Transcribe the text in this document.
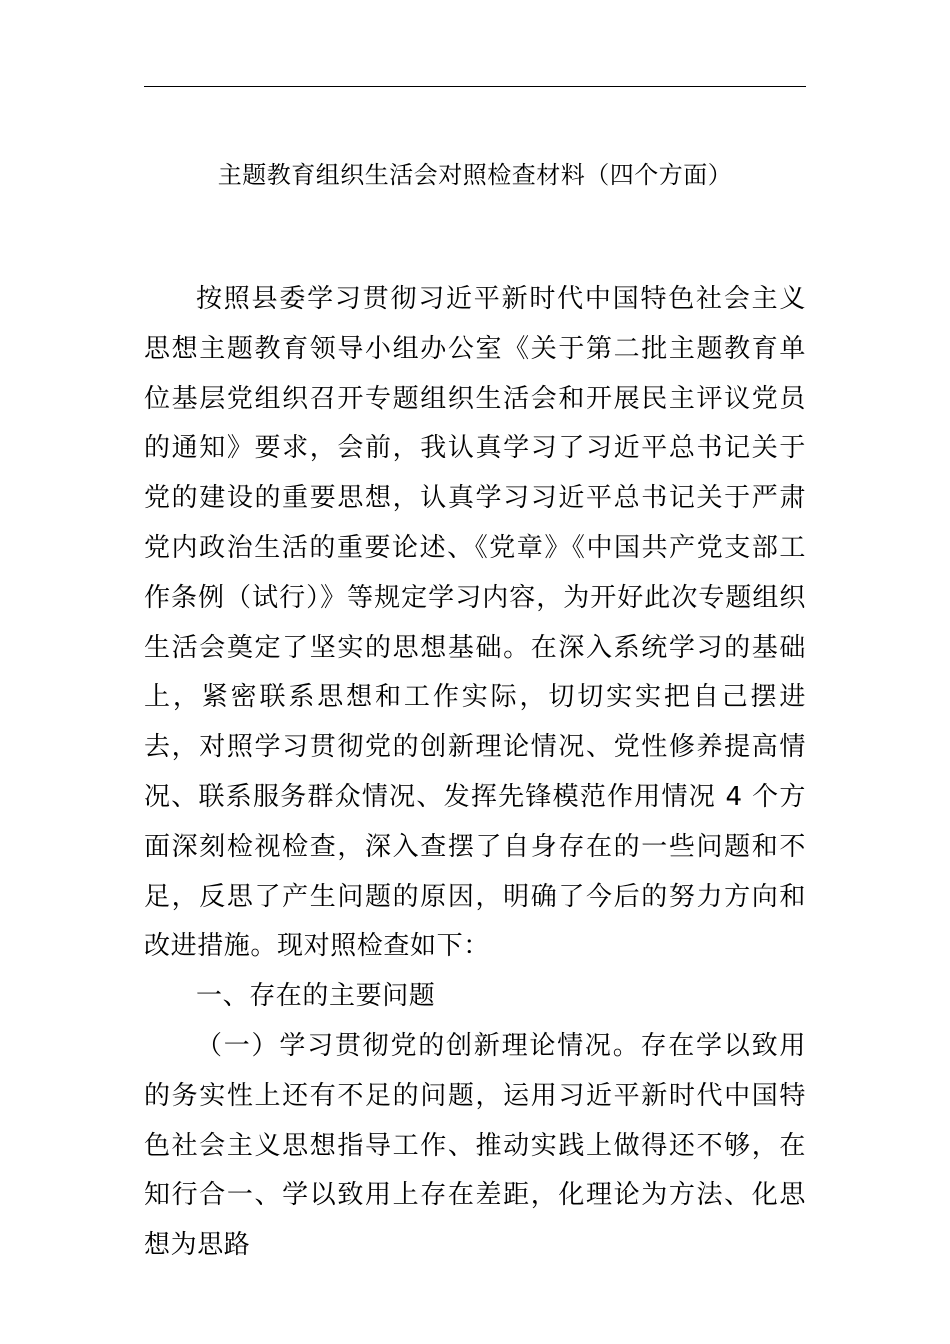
主题教育组织生活会对照检查材料（四个方面）

按照县委学习贯彻习近平新时代中国特色社会主义思想主题教育领导小组办公室《关于第二批主题教育单位基层党组织召开专题组织生活会和开展民主评议党员的通知》要求，会前，我认真学习了习近平总书记关于党的建设的重要思想，认真学习习近平总书记关于严肃党内政治生活的重要论述、《党章》《中国共产党支部工作条例（试行）》等规定学习内容，为开好此次专题组织生活会奠定了坚实的思想基础。在深入系统学习的基础上，紧密联系思想和工作实际，切切实实把自己摆进去，对照学习贯彻党的创新理论情况、党性修养提高情况、联系服务群众情况、发挥先锋模范作用情况 4 个方面深刻检视检查，深入查摆了自身存在的一些问题和不足，反思了产生问题的原因，明确了今后的努力方向和改进措施。现对照检查如下：

一、存在的主要问题

（一）学习贯彻党的创新理论情况。存在学以致用的务实性上还有不足的问题，运用习近平新时代中国特色社会主义思想指导工作、推动实践上做得还不够，在知行合一、学以致用上存在差距，化理论为方法、化思想为思路
